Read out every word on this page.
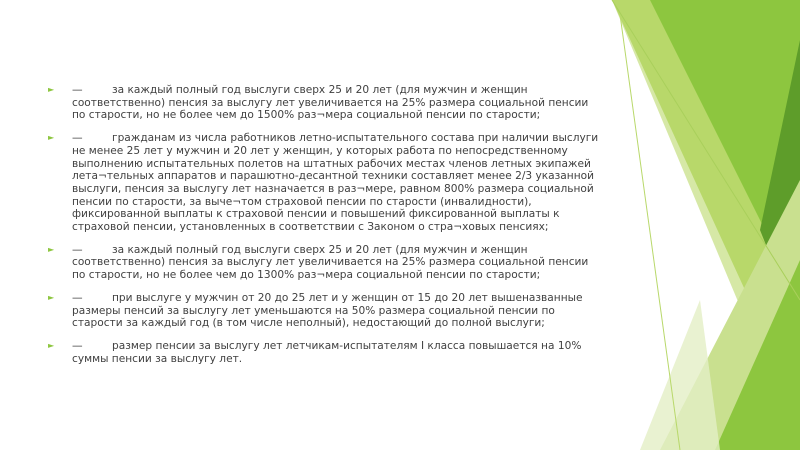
► —	за каждый полный год выслуги сверх 25 и 20 лет (для мужчин и женщин соответственно) пенсия за выслугу лет увеличивается на 25% размера социальной пенсии по старости, но не более чем до 1500% раз¬мера социальной пенсии по старости;
► —	гражданам из числа работников летно-испытательного состава при наличии выслуги не менее 25 лет у мужчин и 20 лет у женщин, у которых работа по непосредственному выполнению испытательных полетов на штатных рабочих местах членов летных экипажей лета¬тельных аппаратов и парашютно-десантной техники составляет менее 2/3 указанной выслуги, пенсия за выслугу лет назначается в раз¬мере, равном 800% размера социальной пенсии по старости, за выче¬том страховой пенсии по старости (инвалидности), фиксированной выплаты к страховой пенсии и повышений фиксированной выплаты к страховой пенсии, установленных в соответствии с Законом о стра¬ховых пенсиях;
► —	за каждый полный год выслуги сверх 25 и 20 лет (для мужчин и женщин соответственно) пенсия за выслугу лет увеличивается на 25% размера социальной пенсии по старости, но не более чем до 1300% раз¬мера социальной пенсии по старости;
► —	при выслуге у мужчин от 20 до 25 лет и у женщин от 15 до 20 лет вышеназванные размеры пенсий за выслугу лет уменьшаются на 50% размера социальной пенсии по старости за каждый год (в том числе неполный), недостающий до полной выслуги;
► —	размер пенсии за выслугу лет летчикам-испытателям I класса повышается на 10% суммы пенсии за выслугу лет.
